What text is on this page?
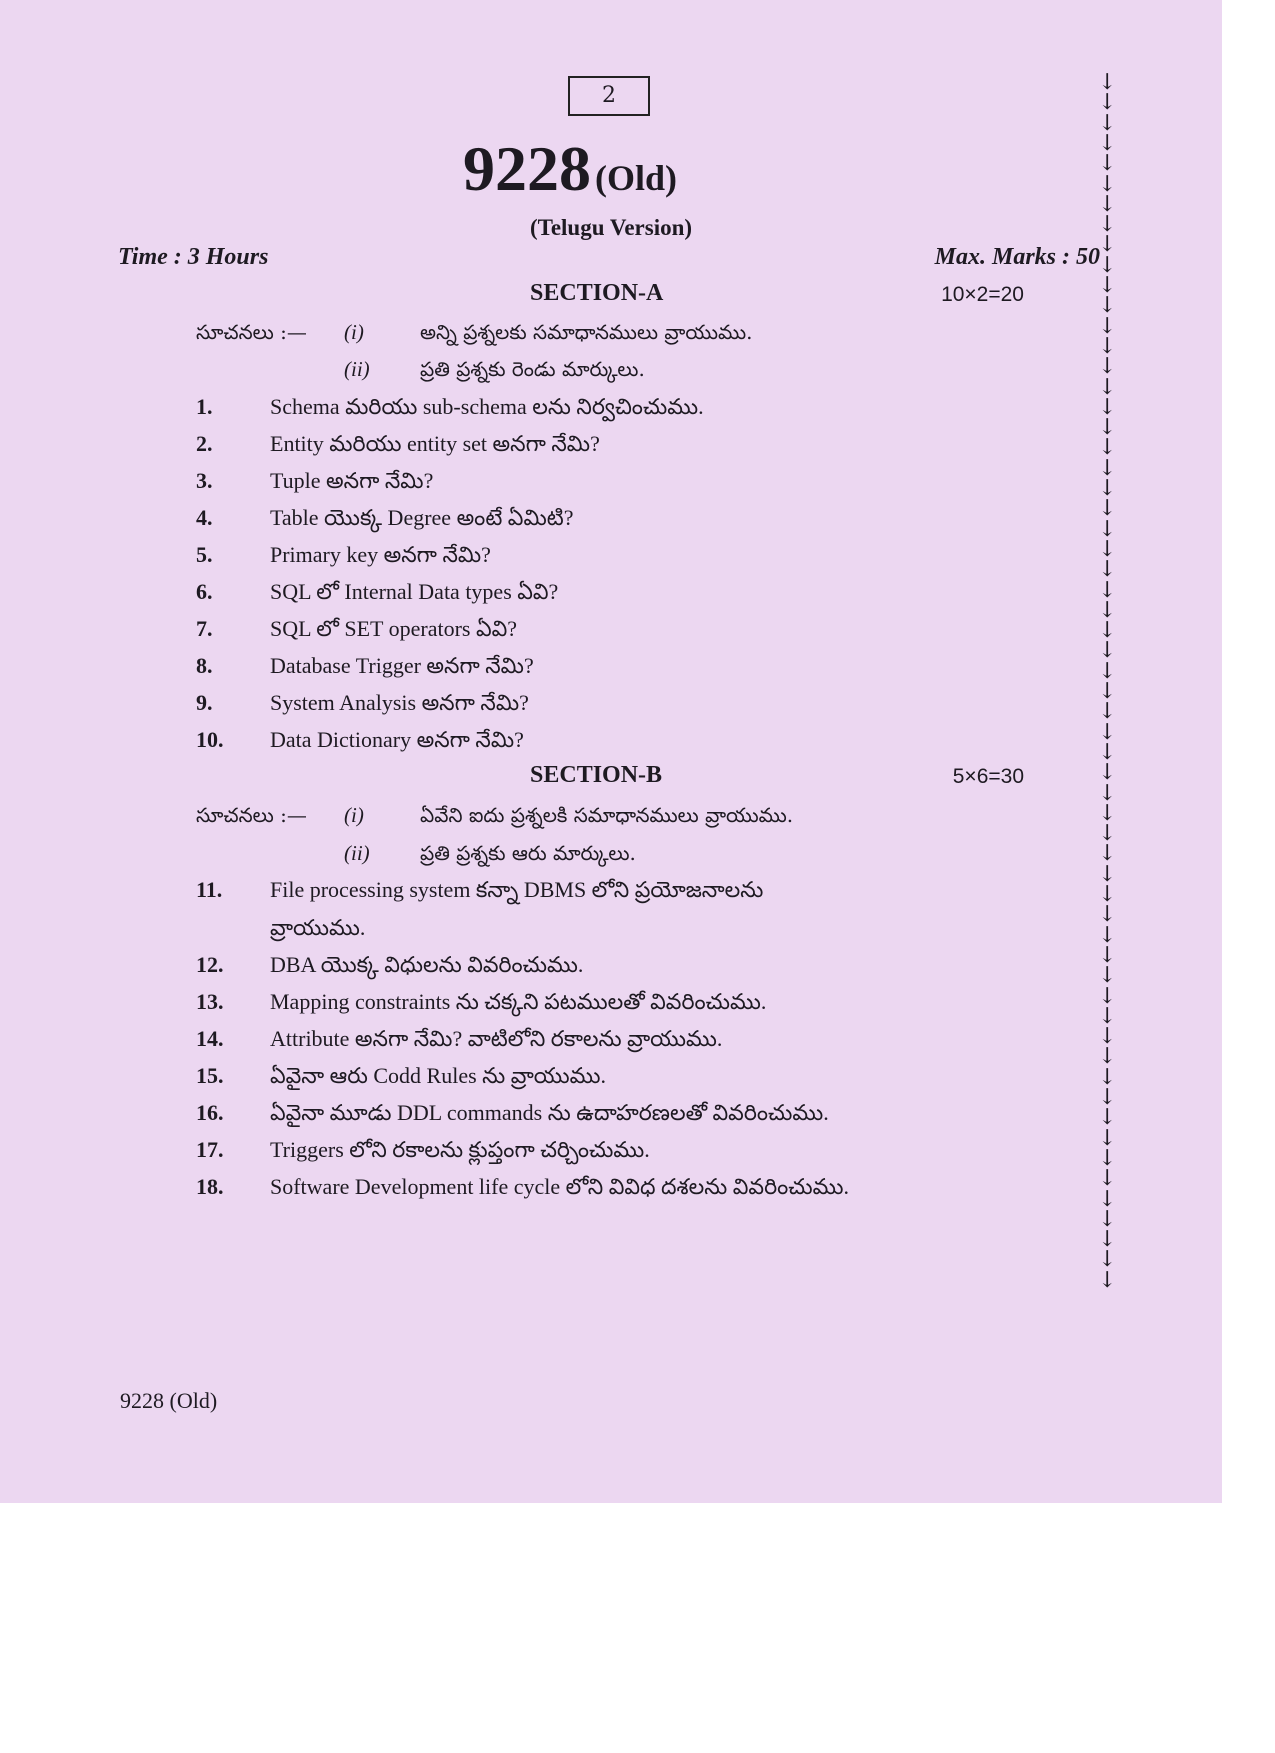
2
9228 (Old)
(Telugu Version)
Time : 3 Hours	Max. Marks : 50
SECTION-A	10×2=20
సూచనలు :— (i)	అన్ని ప్రశ్నలకు సమాధానములు వ్రాయుము.
(ii)	ప్రతి ప్రశ్నకు రెండు మార్కులు.
1.	Schema మరియు sub-schema లను నిర్వచించుము.
2.	Entity మరియు entity set అనగా నేమి?
3.	Tuple అనగా నేమి?
4.	Table యొక్క Degree అంటే ఏమిటి?
5.	Primary key అనగా నేమి?
6.	SQL లో Internal Data types ఏవి?
7.	SQL లో SET operators ఏవి?
8.	Database Trigger అనగా నేమి?
9.	System Analysis అనగా నేమి?
10.	Data Dictionary అనగా నేమి?
SECTION-B	5×6=30
సూచనలు :— (i)	ఏవేని ఐదు ప్రశ్నలకి సమాధానములు వ్రాయుము.
(ii)	ప్రతి ప్రశ్నకు ఆరు మార్కులు.
11.	File processing system కన్నా DBMS లోని ప్రయోజనాలను
వ్రాయుము.
12.	DBA యొక్క విధులను వివరించుము.
13.	Mapping constraints ను చక్కని పటములతో వివరించుము.
14.	Attribute అనగా నేమి? వాటిలోని రకాలను వ్రాయుము.
15.	ఏవైనా ఆరు Codd Rules ను వ్రాయుము.
16.	ఏవైనా మూడు DDL commands ను ఉదాహరణలతో వివరించుము.
17.	Triggers లోని రకాలను క్లుప్తంగా చర్చించుము.
18.	Software Development life cycle లోని వివిధ దశలను వివరించుము.
↓
↓
↓
↓
↓
↓
↓
↓
↓
↓
↓
↓
↓
↓
↓
↓
↓
↓
↓
↓
↓
↓
↓
↓
↓
↓
↓
↓
↓
↓
↓
↓
↓
↓
↓
↓
↓
↓
↓
↓
↓
↓
↓
↓
↓
↓
↓
↓
↓
↓
↓
↓
↓
↓
↓
↓
↓
↓
↓
↓
9228 (Old)
